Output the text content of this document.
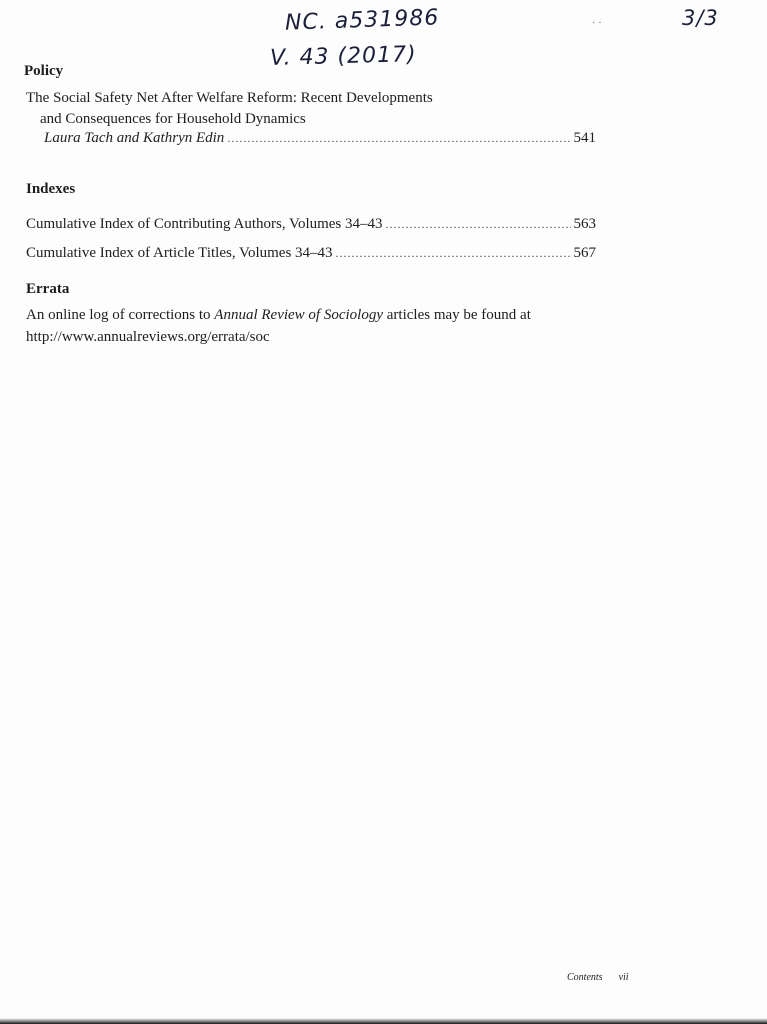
NC. a531986
V. 43 (2017)
3/3
· ·
Policy
The Social Safety Net After Welfare Reform: Recent Developments
and Consequences for Household Dynamics
Laura Tach and Kathryn Edin . . .	541
Indexes
Cumulative Index of Contributing Authors, Volumes 34–43 . . .	563
Cumulative Index of Article Titles, Volumes 34–43 . . .	567
Errata
An online log of corrections to Annual Review of Sociology articles may be found at
http://www.annualreviews.org/errata/soc
Contents vii
